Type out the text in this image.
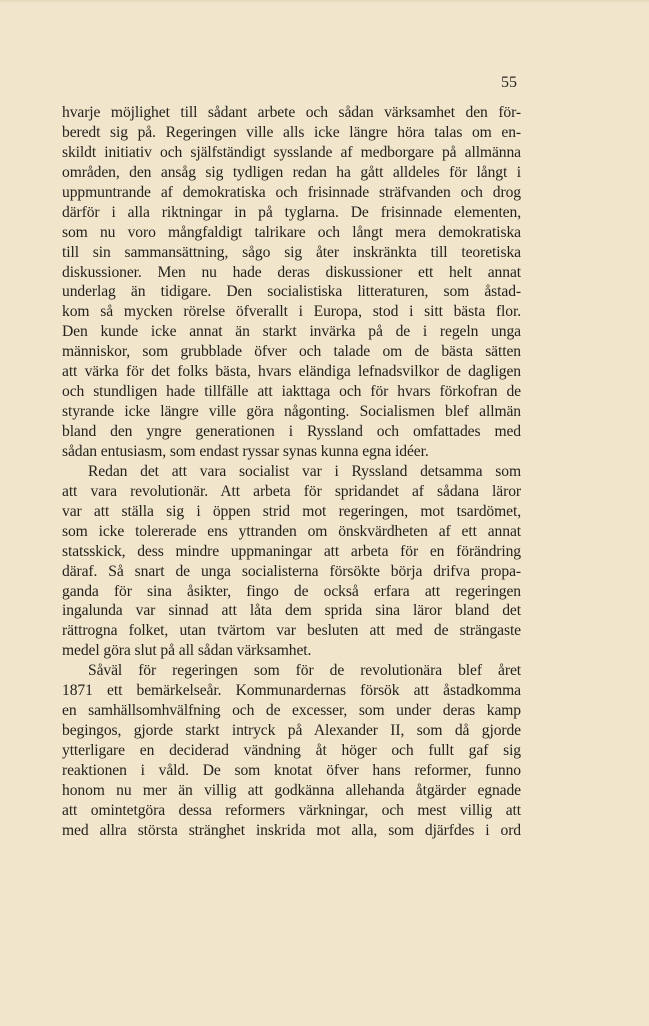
55
hvarje möjlighet till sådant arbete och sådan värksamhet den för-
beredt sig på. Regeringen ville alls icke längre höra talas om en-
skildt initiativ och själfständigt sysslande af medborgare på allmänna
områden, den ansåg sig tydligen redan ha gått alldeles för långt i
uppmuntrande af demokratiska och frisinnade sträfvanden och drog
därför i alla riktningar in på tyglarna. De frisinnade elementen,
som nu voro mångfaldigt talrikare och långt mera demokratiska
till sin sammansättning, sågo sig åter inskränkta till teoretiska
diskussioner. Men nu hade deras diskussioner ett helt annat
underlag än tidigare. Den socialistiska litteraturen, som åstad-
kom så mycken rörelse öfverallt i Europa, stod i sitt bästa flor.
Den kunde icke annat än starkt invärka på de i regeln unga
människor, som grubblade öfver och talade om de bästa sätten
att värka för det folks bästa, hvars eländiga lefnadsvilkor de dagligen
och stundligen hade tillfälle att iakttaga och för hvars förkofran de
styrande icke längre ville göra någonting. Socialismen blef allmän
bland den yngre generationen i Ryssland och omfattades med
sådan entusiasm, som endast ryssar synas kunna egna idéer.
Redan det att vara socialist var i Ryssland detsamma som
att vara revolutionär. Att arbeta för spridandet af sådana läror
var att ställa sig i öppen strid mot regeringen, mot tsardömet,
som icke tolererade ens yttranden om önskvärdheten af ett annat
statsskick, dess mindre uppmaningar att arbeta för en förändring
däraf. Så snart de unga socialisterna försökte börja drifva propa-
ganda för sina åsikter, fingo de också erfara att regeringen
ingalunda var sinnad att låta dem sprida sina läror bland det
rättrogna folket, utan tvärtom var besluten att med de strängaste
medel göra slut på all sådan värksamhet.
Såväl för regeringen som för de revolutionära blef året
1871 ett bemärkelseår. Kommunardernas försök att åstadkomma
en samhällsomhvälfning och de excesser, som under deras kamp
begingos, gjorde starkt intryck på Alexander II, som då gjorde
ytterligare en deciderad vändning åt höger och fullt gaf sig
reaktionen i våld. De som knotat öfver hans reformer, funno
honom nu mer än villig att godkänna allehanda åtgärder egnade
att omintetgöra dessa reformers värkningar, och mest villig att
med allra största stränghet inskrida mot alla, som djärfdes i ord
